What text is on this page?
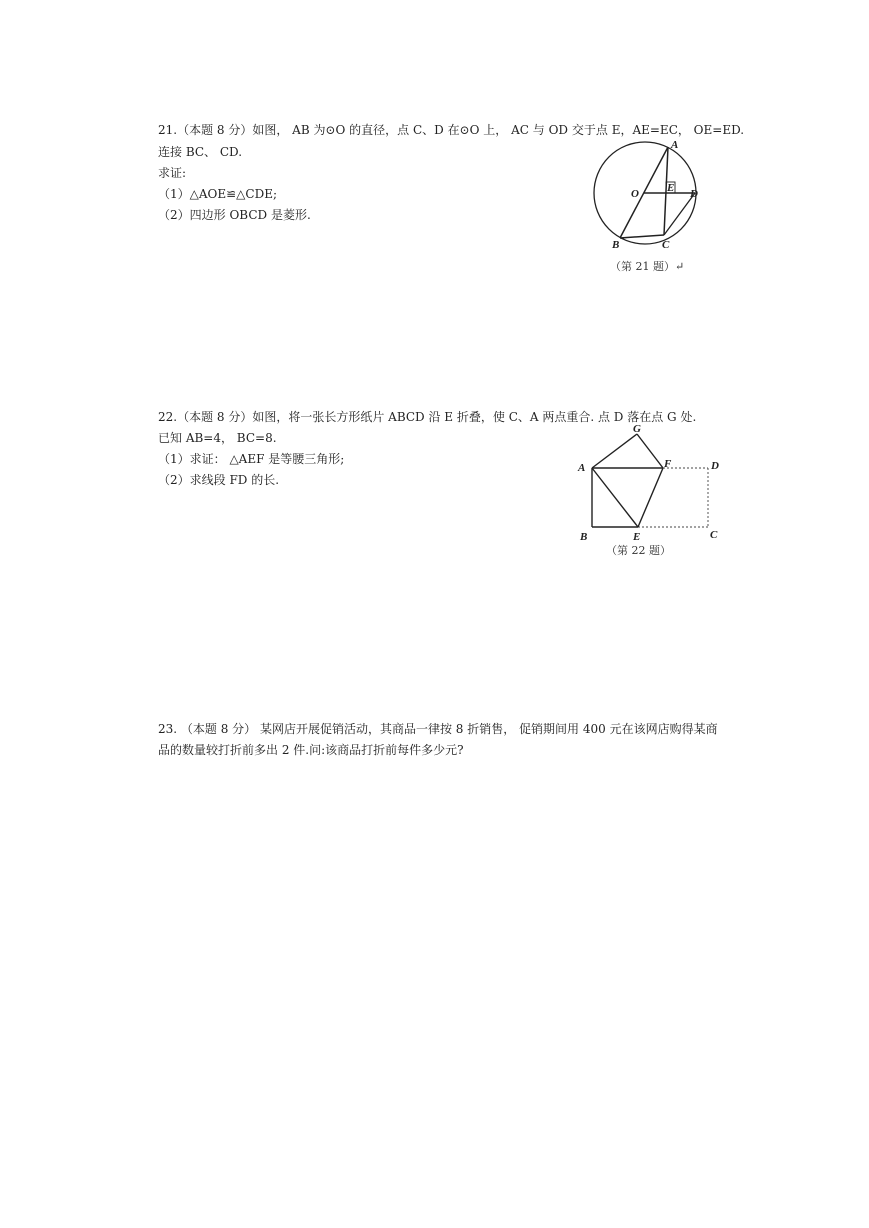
21.（本题 8 分）如图， AB 为⊙O 的直径，点 C、D 在⊙O 上， AC 与 OD 交于点 E，AE=EC， OE=ED.
连接 BC、 CD.
求证:
（1）△AOE≌△CDE;
（2）四边形 OBCD 是菱形.
A
O	E D
B	C
（第 21 题）↵
22.（本题 8 分）如图，将一张长方形纸片 ABCD 沿 E 折叠，使 C、A 两点重合. 点 D 落在点 G 处.
已知 AB=4， BC=8.
（1）求证： △AEF 是等腰三角形;
（2）求线段 FD 的长.
G
A	F	D
B	E	C
（第 22 题）
23. （本题 8 分） 某网店开展促销活动，其商品一律按 8 折销售， 促销期间用 400 元在该网店购得某商
品的数量较打折前多出 2 件.问:该商品打折前每件多少元?
